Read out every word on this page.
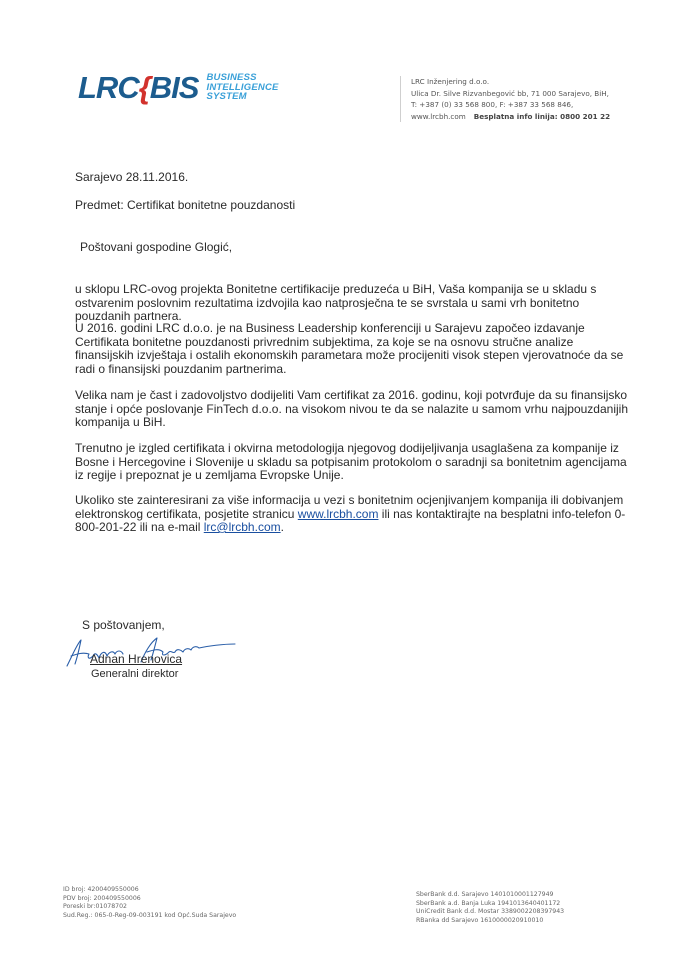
LRC{BIS BUSINESS
INTELLIGENCE
SYSTEM
LRC Inženjering d.o.o.
Ulica Dr. Silve Rizvanbegović bb, 71 000 Sarajevo, BiH,
T: +387 (0) 33 568 800, F: +387 33 568 846,
www.lrcbh.com Besplatna info linija: 0800 201 22
Sarajevo 28.11.2016.
Predmet: Certifikat bonitetne pouzdanosti
Poštovani gospodine Glogić,

u sklopu LRC-ovog projekta Bonitetne certifikacije preduzeća u BiH, Vaša kompanija se u skladu s ostvarenim poslovnim rezultatima izdvojila kao natprosječna te se svrstala u sami vrh bonitetno pouzdanih partnera.

U 2016. godini LRC d.o.o. je na Business Leadership konferenciji u Sarajevu započeo izdavanje Certifikata bonitetne pouzdanosti privrednim subjektima, za koje se na osnovu stručne analize finansijskih izvještaja i ostalih ekonomskih parametara može procijeniti visok stepen vjerovatnoće da se radi o finansijski pouzdanim partnerima.

Velika nam je čast i zadovoljstvo dodijeliti Vam certifikat za 2016. godinu, koji potvrđuje da su finansijsko stanje i opće poslovanje FinTech d.o.o. na visokom nivou te da se nalazite u samom vrhu najpouzdanijih kompanija u BiH.

Trenutno je izgled certifikata i okvirna metodologija njegovog dodijeljivanja usaglašena za kompanije iz Bosne i Hercegovine i Slovenije u skladu sa potpisanim protokolom o saradnji sa bonitetnim agencijama iz regije i prepoznat je u zemljama Evropske Unije.

Ukoliko ste zainteresirani za više informacija u vezi s bonitetnim ocjenjivanjem kompanija ili dobivanjem elektronskog certifikata, posjetite stranicu www.lrcbh.com ili nas kontaktirajte na besplatni info-telefon 0-800-201-22 ili na e-mail lrc@lrcbh.com.

S poštovanjem,
Adnan Hrenovica
Generalni direktor
ID broj: 4200409550006
PDV broj: 200409550006
Poreski br:01078702
Sud.Reg.: 065-0-Reg-09-003191 kod Opć.Suda Sarajevo
SberBank d.d. Sarajevo 1401010001127949
SberBank a.d. Banja Luka 1941013640401172
UniCredit Bank d.d. Mostar 3389002208397943
RBanka dd Sarajevo 1610000020910010
